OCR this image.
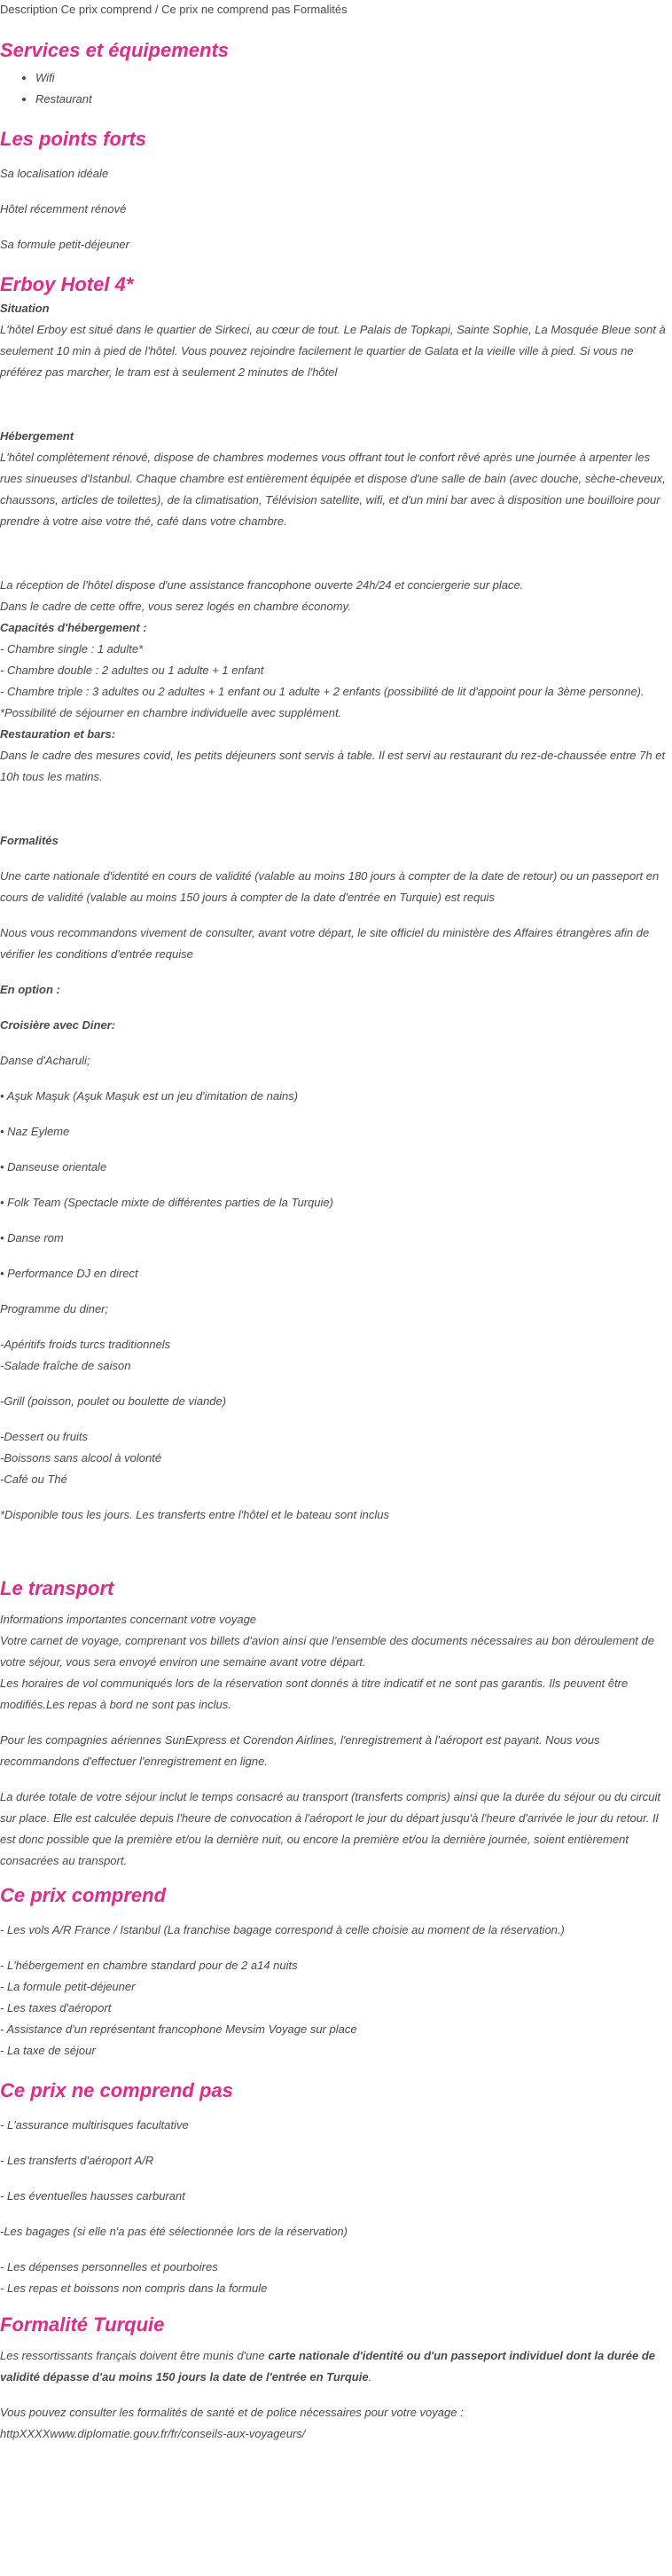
Description Ce prix comprend / Ce prix ne comprend pas Formalités

Services et équipements
• Wifi
• Restaurant
Les points forts

Sa localisation idéale

Hôtel récemment rénové

Sa formule petit-déjeuner

Erboy Hotel 4*

Situation

L'hôtel Erboy est situé dans le quartier de Sirkeci, au cœur de tout. Le Palais de Topkapi, Sainte Sophie, La Mosquée Bleue sont à seulement 10 min à pied de l'hôtel. Vous pouvez rejoindre facilement le quartier de Galata et la vieille ville à pied. Si vous ne préférez pas marcher, le tram est à seulement 2 minutes de l'hôtel

Hébergement

L'hôtel complètement rénové, dispose de chambres modernes vous offrant tout le confort rêvé après une journée à arpenter les rues sinueuses d'Istanbul. Chaque chambre est entièrement équipée et dispose d'une salle de bain (avec douche, sèche-cheveux, chaussons, articles de toilettes), de la climatisation, Télévision satellite, wifi, et d'un mini bar avec à disposition une bouilloire pour prendre à votre aise votre thé, café dans votre chambre.

La réception de l'hôtel dispose d'une assistance francophone ouverte 24h/24 et conciergerie sur place.

Dans le cadre de cette offre, vous serez logés en chambre économy.

Capacités d'hébergement :

- Chambre single : 1 adulte*

- Chambre double : 2 adultes ou 1 adulte + 1 enfant

- Chambre triple : 3 adultes ou 2 adultes + 1 enfant ou 1 adulte + 2 enfants (possibilité de lit d'appoint pour la 3ème personne).

*Possibilité de séjourner en chambre individuelle avec supplément.

Restauration et bars:

Dans le cadre des mesures covid, les petits déjeuners sont servis à table. Il est servi au restaurant du rez-de-chaussée entre 7h et 10h tous les matins.

Formalités

Une carte nationale d'identité en cours de validité (valable au moins 180 jours à compter de la date de retour) ou un passeport en cours de validité (valable au moins 150 jours à compter de la date d'entrée en Turquie) est requis

Nous vous recommandons vivement de consulter, avant votre départ, le site officiel du ministère des Affaires étrangères afin de vérifier les conditions d'entrée requise

En option :

Croisière avec Diner:

Danse d'Acharuli;

• Aşuk Maşuk (Aşuk Maşuk est un jeu d'imitation de nains)

• Naz Eyleme

• Danseuse orientale

• Folk Team (Spectacle mixte de différentes parties de la Turquie)

• Danse rom

• Performance DJ en direct

Programme du diner;

-Apéritifs froids turcs traditionnels

-Salade fraîche de saison

-Grill (poisson, poulet ou boulette de viande)

-Dessert ou fruits

-Boissons sans alcool à volonté

-Café ou Thé

*Disponible tous les jours. Les transferts entre l'hôtel et le bateau sont inclus

Le transport

Informations importantes concernant votre voyage

Votre carnet de voyage, comprenant vos billets d'avion ainsi que l'ensemble des documents nécessaires au bon déroulement de votre séjour, vous sera envoyé environ une semaine avant votre départ.

Les horaires de vol communiqués lors de la réservation sont donnés à titre indicatif et ne sont pas garantis. Ils peuvent être modifiés.Les repas à bord ne sont pas inclus.

Pour les compagnies aériennes SunExpress et Corendon Airlines, l'enregistrement à l'aéroport est payant. Nous vous recommandons d'effectuer l'enregistrement en ligne.

La durée totale de votre séjour inclut le temps consacré au transport (transferts compris) ainsi que la durée du séjour ou du circuit sur place. Elle est calculée depuis l'heure de convocation à l'aéroport le jour du départ jusqu'à l'heure d'arrivée le jour du retour. Il est donc possible que la première et/ou la dernière nuit, ou encore la première et/ou la dernière journée, soient entièrement consacrées au transport.

Ce prix comprend

- Les vols A/R France / Istanbul (La franchise bagage correspond à celle choisie au moment de la réservation.)

- L'hébergement en chambre standard pour de 2 a14 nuits

- La formule petit-déjeuner

- Les taxes d'aéroport

- Assistance d'un représentant francophone Mevsim Voyage sur place

- La taxe de séjour

Ce prix ne comprend pas

- L'assurance multirisques facultative

- Les transferts d'aéroport A/R

- Les éventuelles hausses carburant

-Les bagages (si elle n'a pas été sélectionnée lors de la réservation)

- Les dépenses personnelles et pourboires

- Les repas et boissons non compris dans la formule

Formalité Turquie

Les ressortissants français doivent être munis d'une carte nationale d'identité ou d'un passeport individuel dont la durée de validité dépasse d'au moins 150 jours la date de l'entrée en Turquie.

Vous pouvez consulter les formalités de santé et de police nécessaires pour votre voyage :

httpXXXXwww.diplomatie.gouv.fr/fr/conseils-aux-voyageurs/
